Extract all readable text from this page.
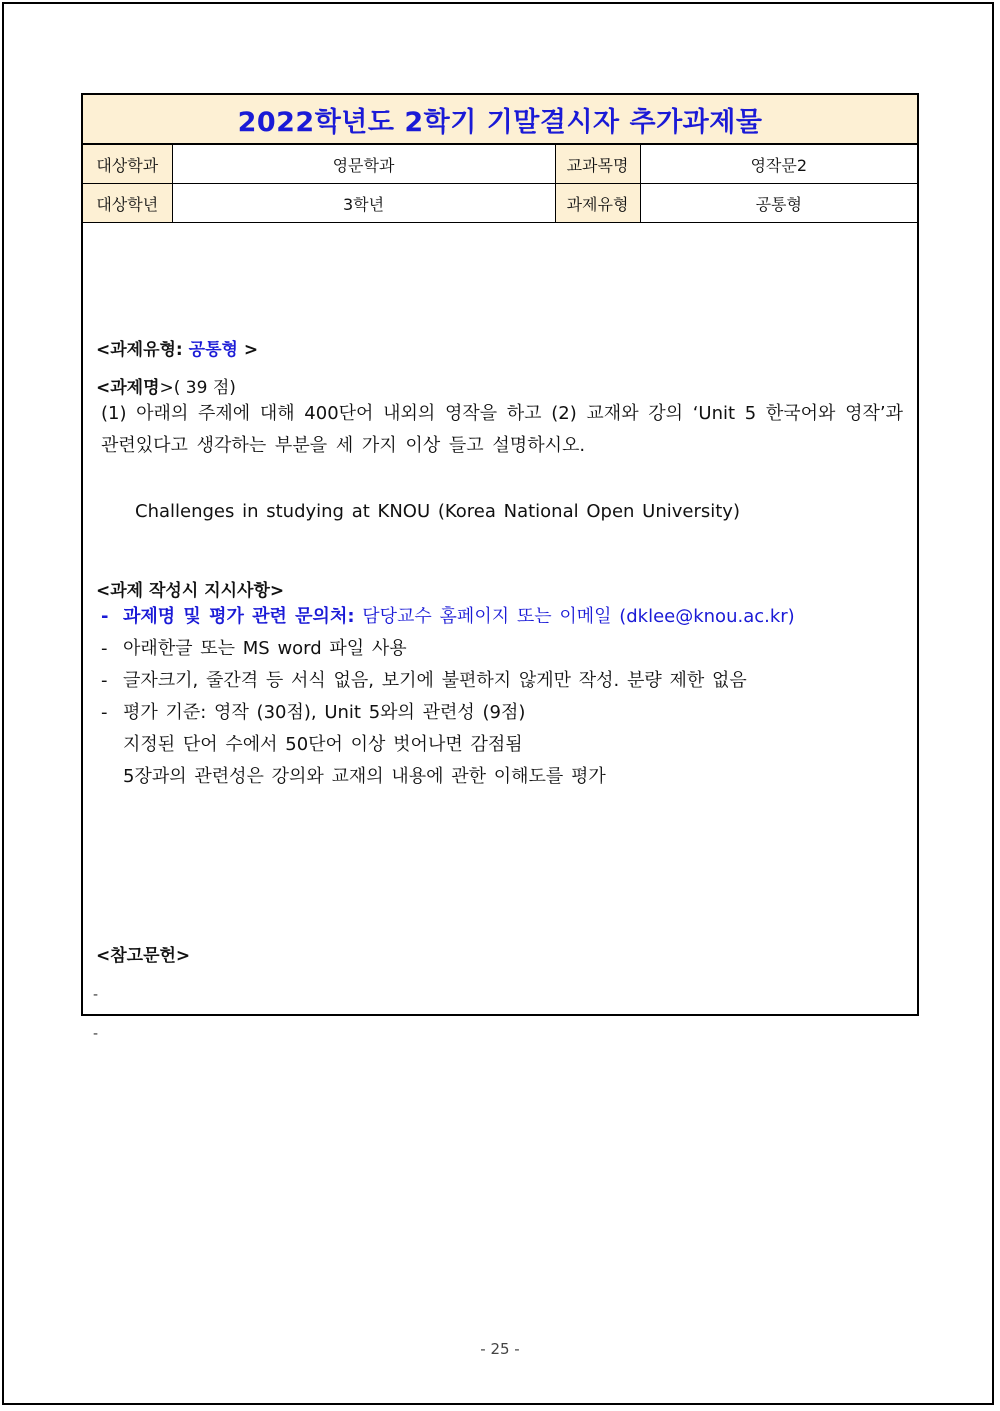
2022학년도 2학기 기말결시자 추가과제물
대상학과	영문학과	교과목명	영작문2
대상학년	3학년	과제유형	공통형
<과제유형: 공통형 >
<과제명>( 39 점)
(1) 아래의 주제에 대해 400단어 내외의 영작을 하고 (2) 교재와 강의 ‘Unit 5 한국어와 영작’과 관련있다고 생각하는 부분을 세 가지 이상 들고 설명하시오.
Challenges in studying at KNOU (Korea National Open University)
<과제 작성시 지시사항>
- 과제명 및 평가 관련 문의처: 담당교수 홈페이지 또는 이메일 (dklee@knou.ac.kr)
- 아래한글 또는 MS word 파일 사용
- 글자크기, 줄간격 등 서식 없음, 보기에 불편하지 않게만 작성. 분량 제한 없음
- 평가 기준: 영작 (30점), Unit 5와의 관련성 (9점)
지정된 단어 수에서 50단어 이상 벗어나면 감점됨
5장과의 관련성은 강의와 교재의 내용에 관한 이해도를 평가
<참고문헌>
-
-
- 25 -
